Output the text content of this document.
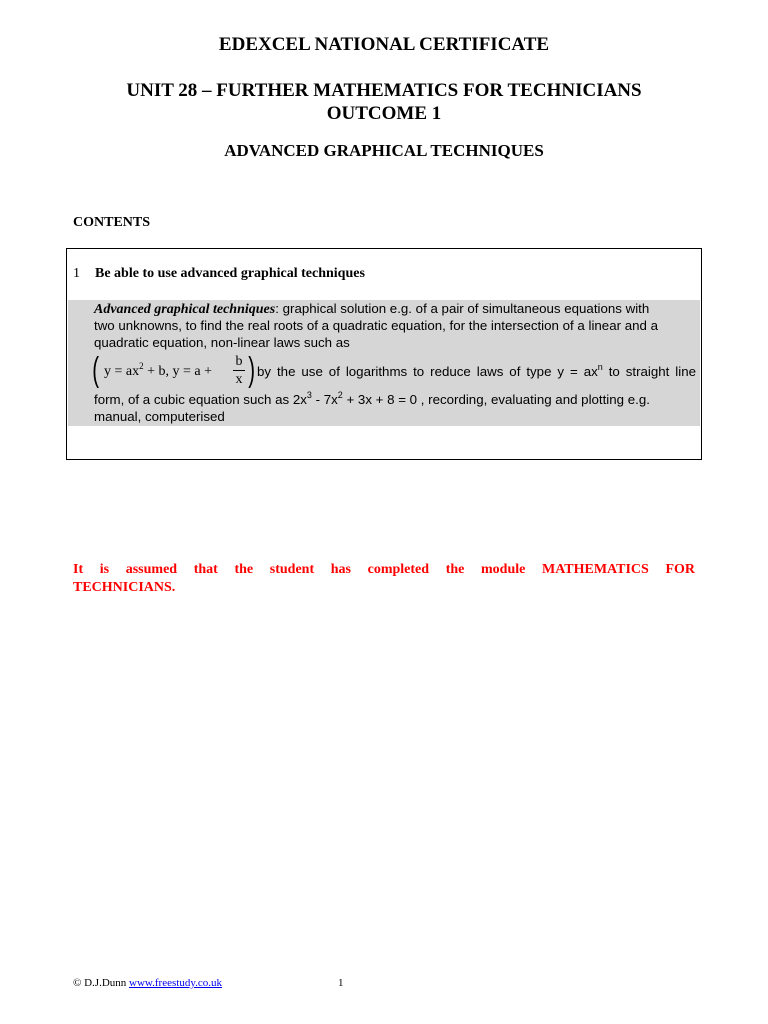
EDEXCEL NATIONAL CERTIFICATE
UNIT 28 – FURTHER MATHEMATICS FOR TECHNICIANS
OUTCOME 1
ADVANCED GRAPHICAL TECHNIQUES
CONTENTS
1 Be able to use advanced graphical techniques
Advanced graphical techniques: graphical solution e.g. of a pair of simultaneous equations with
two unknowns, to find the real roots of a quadratic equation, for the intersection of a linear and a
quadratic equation, non-linear laws such as
( $y = ax^2 + b$, $y = a + \frac{b}{x}$ ) by the use of logarithms to reduce laws of type $y = ax^n$ to straight line
form, of a cubic equation such as $2x^3 - 7x^2 + 3x + 8 = 0$ , recording, evaluating and plotting e.g.
manual, computerised
It is assumed that the student has completed the module MATHEMATICS FOR
TECHNICIANS.
© D.J.Dunn www.freestudy.co.uk	1
